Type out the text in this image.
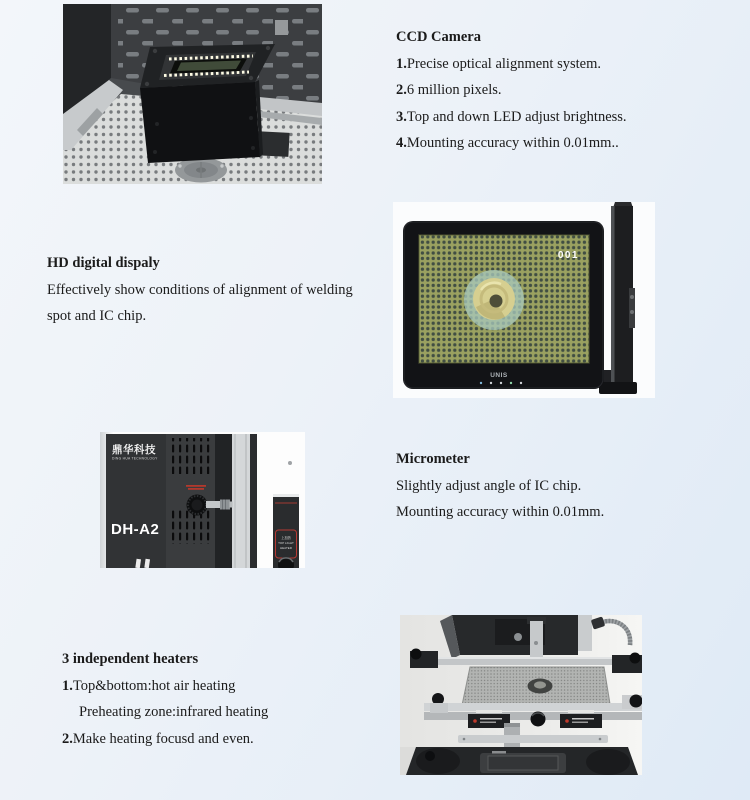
CCD Camera

1.Precise optical alignment system.

2.6 million pixels.

3.Top and down LED adjust brightness.

4.Mounting accuracy within 0.01mm..

HD digital dispaly

Effectively show conditions of alignment of welding

spot and IC chip.

001
UNIS
鼎华科技
DING HUA TECHNOLOGY
DH-A2	上加热
TOP LIGHT
HEATER
Micrometer

Slightly adjust angle of IC chip.

Mounting accuracy within 0.01mm.

3 independent heaters

1.Top&bottom:hot air heating

Preheating zone:infrared heating

2.Make heating focusd and even.
